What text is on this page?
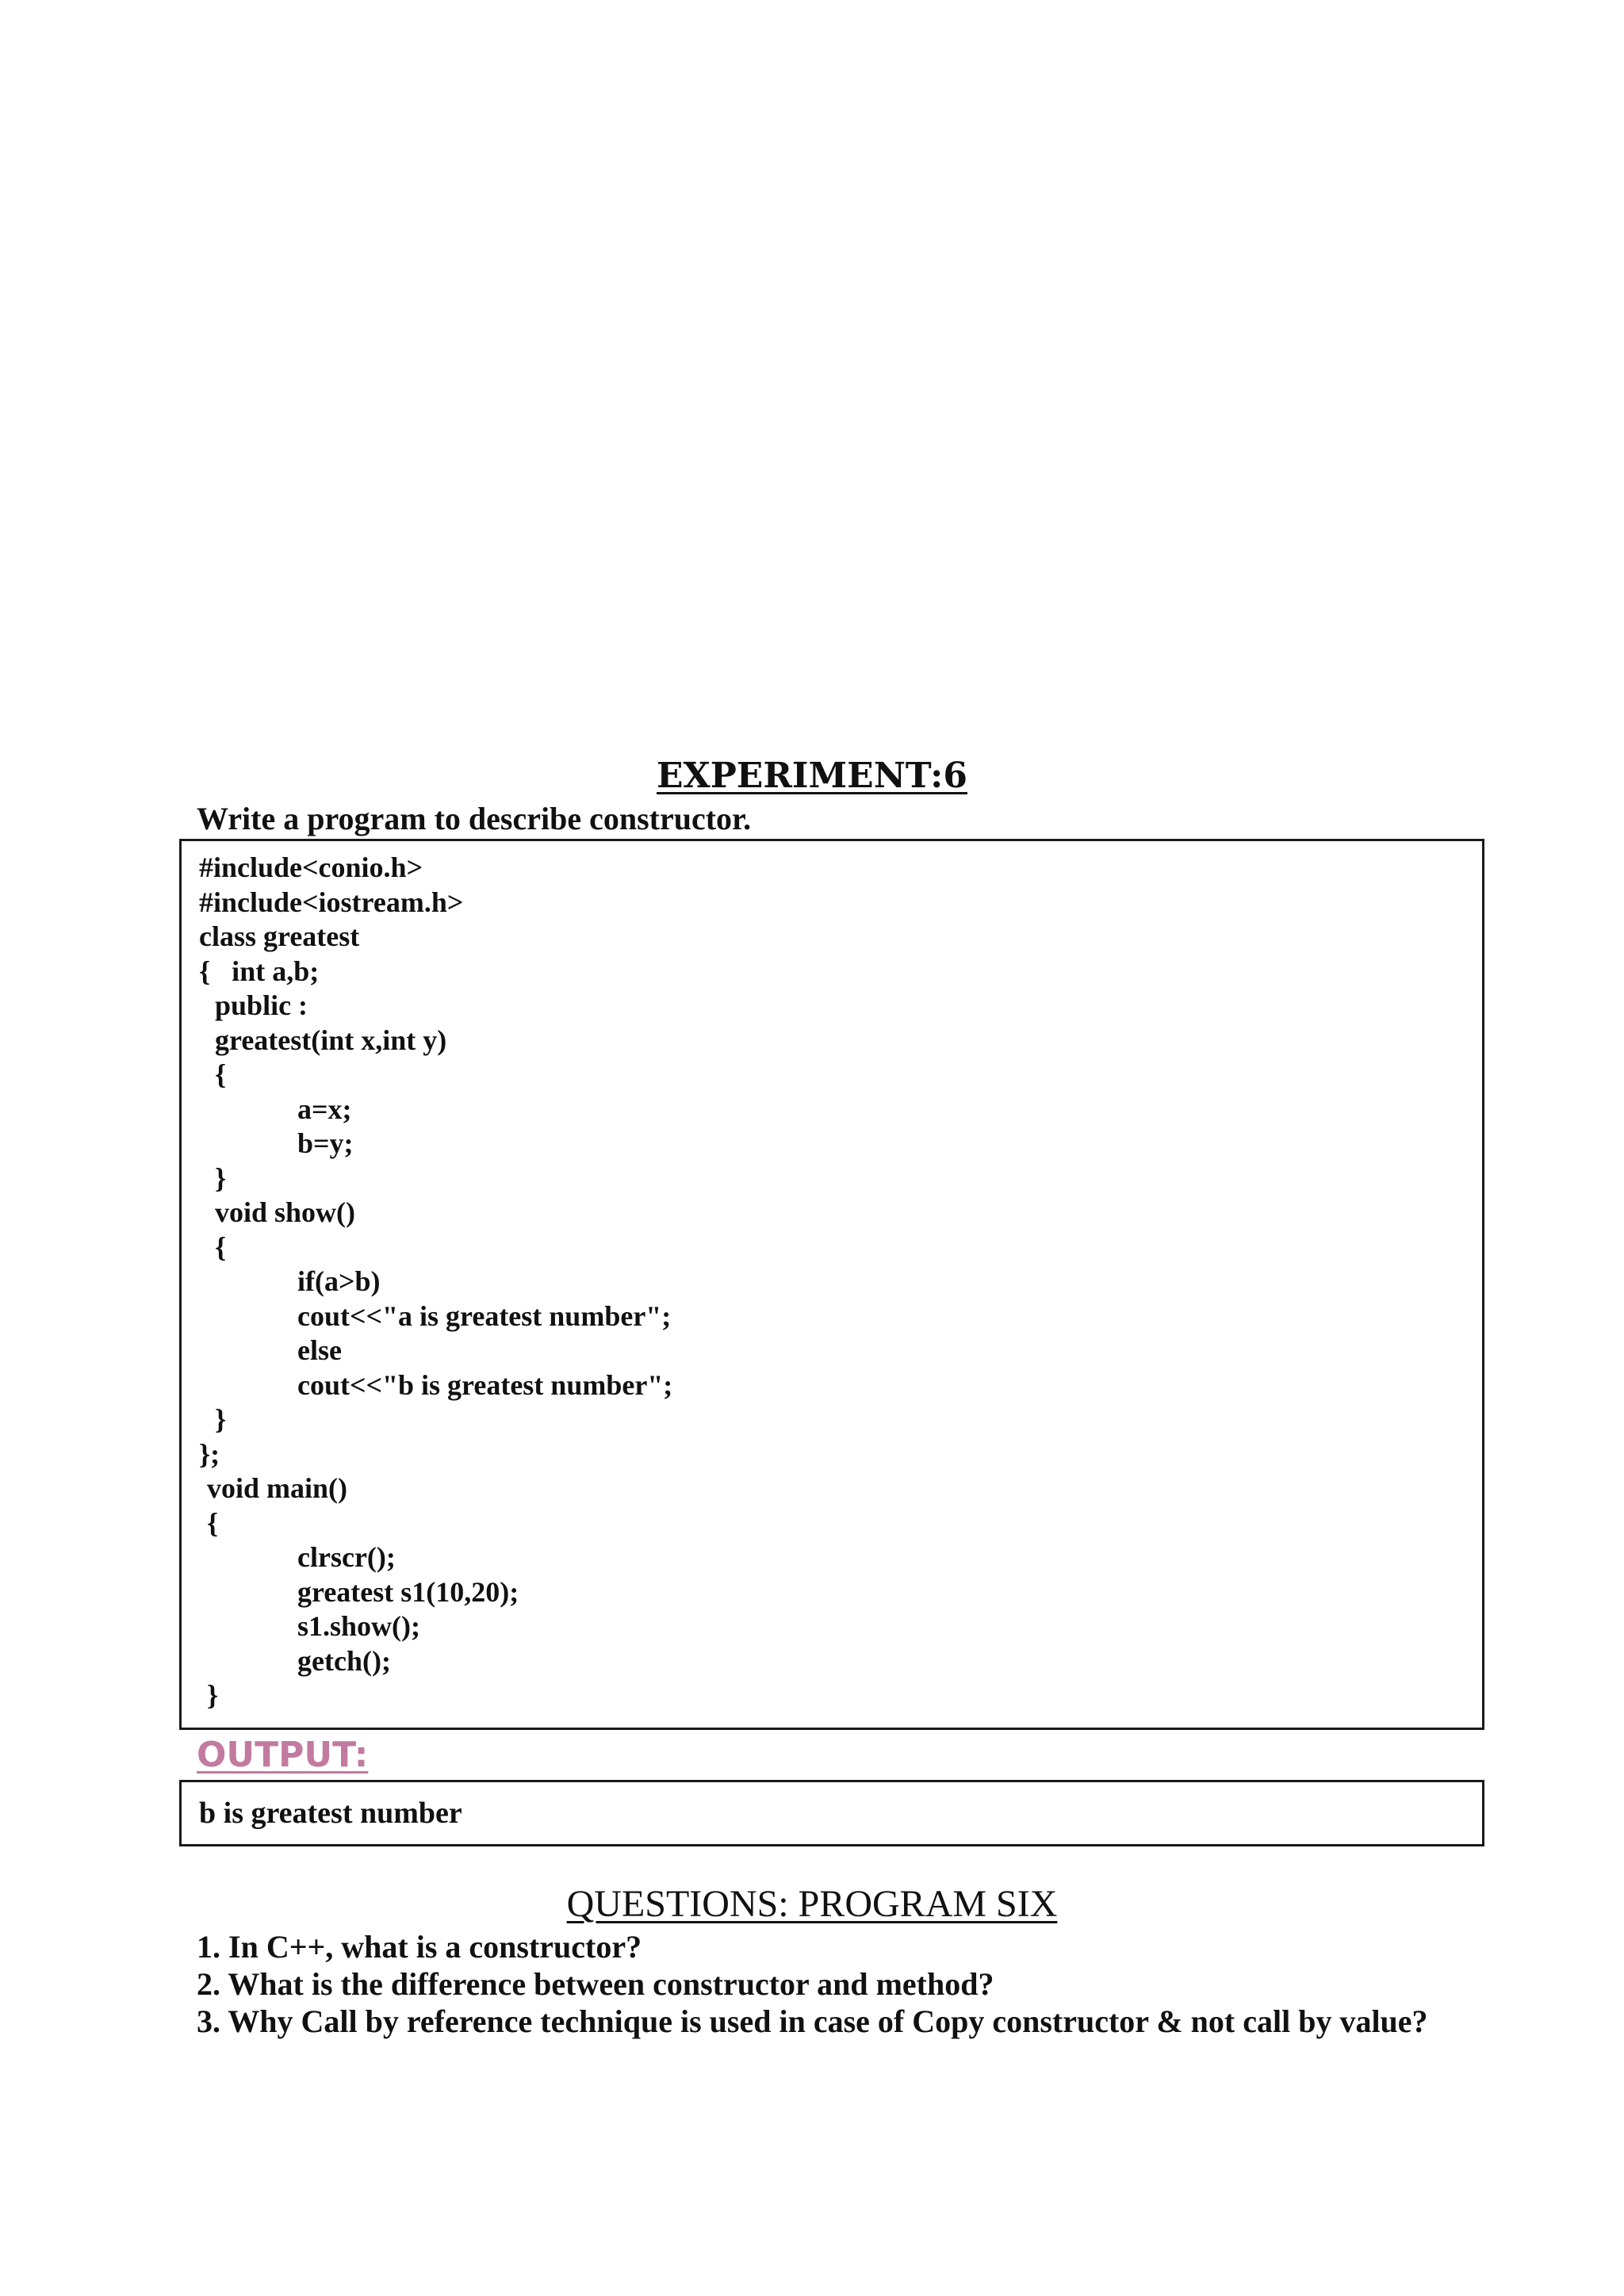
EXPERIMENT:6
Write a program to describe constructor.
#include<conio.h>
#include<iostream.h>
class greatest
{   int a,b;
public :
greatest(int x,int y)
{
a=x;
b=y;
}
void show()
{
if(a>b)
cout<<"a is greatest number";
else
cout<<"b is greatest number";
}
};
void main()
{
clrscr();
greatest s1(10,20);
s1.show();
getch();
}
OUTPUT:
b is greatest number
QUESTIONS: PROGRAM SIX

1. In C++, what is a constructor?

2. What is the difference between constructor and method?

3. Why Call by reference technique is used in case of Copy constructor & not call by value?
